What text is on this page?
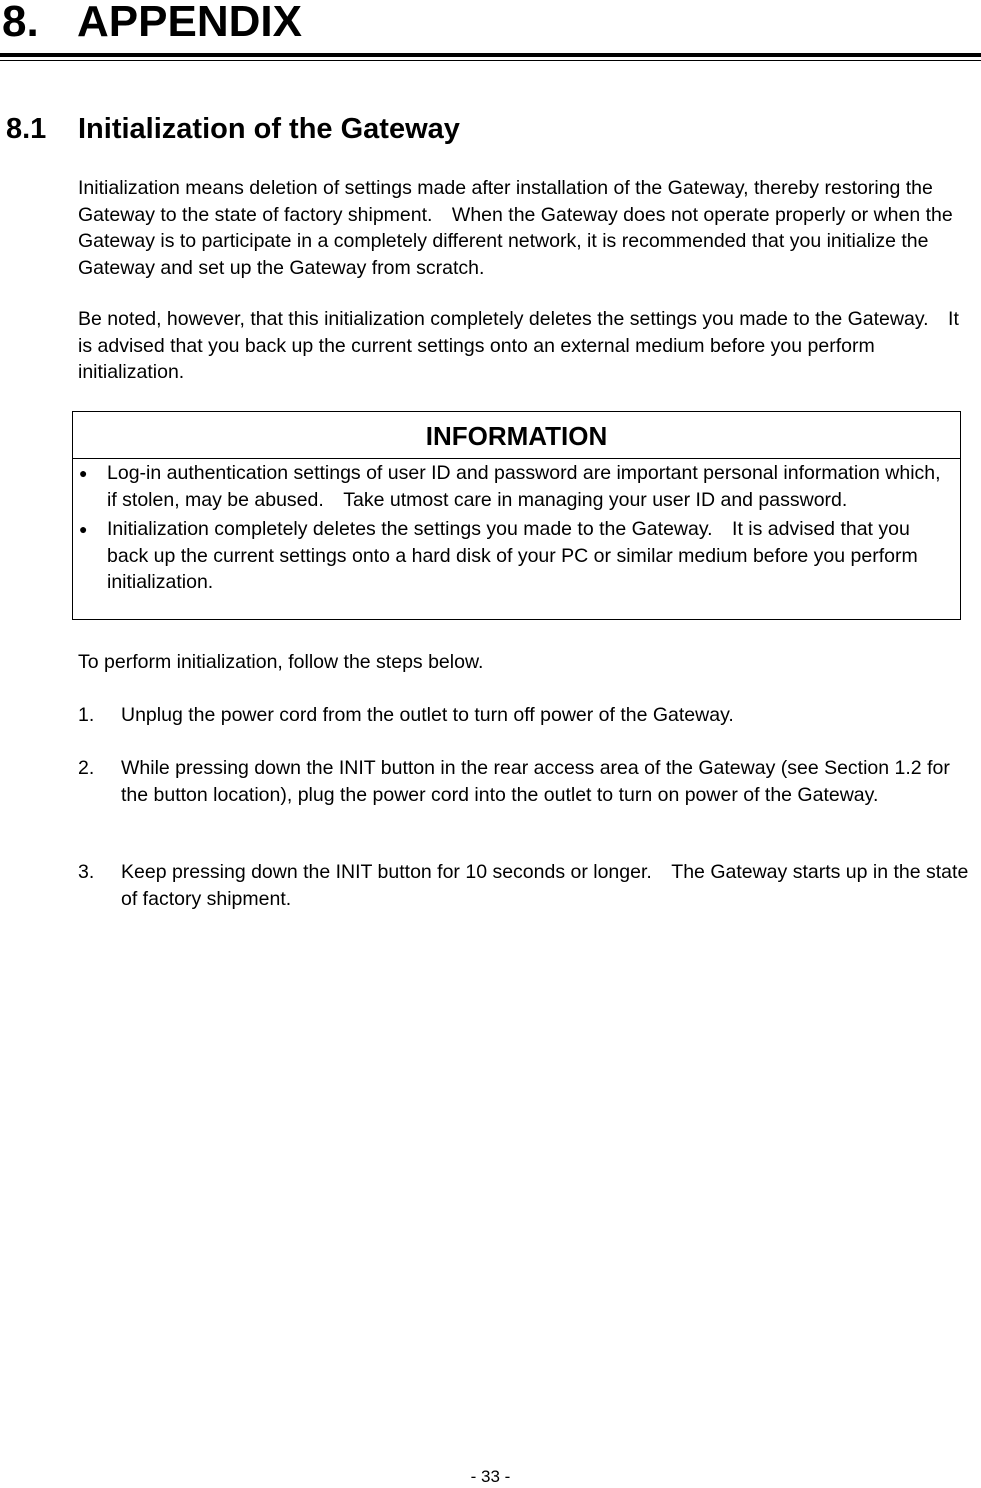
8. APPENDIX
8.1 Initialization of the Gateway

Initialization means deletion of settings made after installation of the Gateway, thereby restoring the Gateway to the state of factory shipment.　When the Gateway does not operate properly or when the Gateway is to participate in a completely different network, it is recommended that you initialize the Gateway and set up the Gateway from scratch.

Be noted, however, that this initialization completely deletes the settings you made to the Gateway.　It is advised that you back up the current settings onto an external medium before you perform initialization.

INFORMATION
● Log-in authentication settings of user ID and password are important personal information which, if stolen, may be abused.　Take utmost care in managing your user ID and password.
● Initialization completely deletes the settings you made to the Gateway.　It is advised that you back up the current settings onto a hard disk of your PC or similar medium before you perform initialization.

To perform initialization, follow the steps below.

1. Unplug the power cord from the outlet to turn off power of the Gateway.
2. While pressing down the INIT button in the rear access area of the Gateway (see Section 1.2 for the button location), plug the power cord into the outlet to turn on power of the Gateway.
3. Keep pressing down the INIT button for 10 seconds or longer.　The Gateway starts up in the state of factory shipment.
- 33 -
